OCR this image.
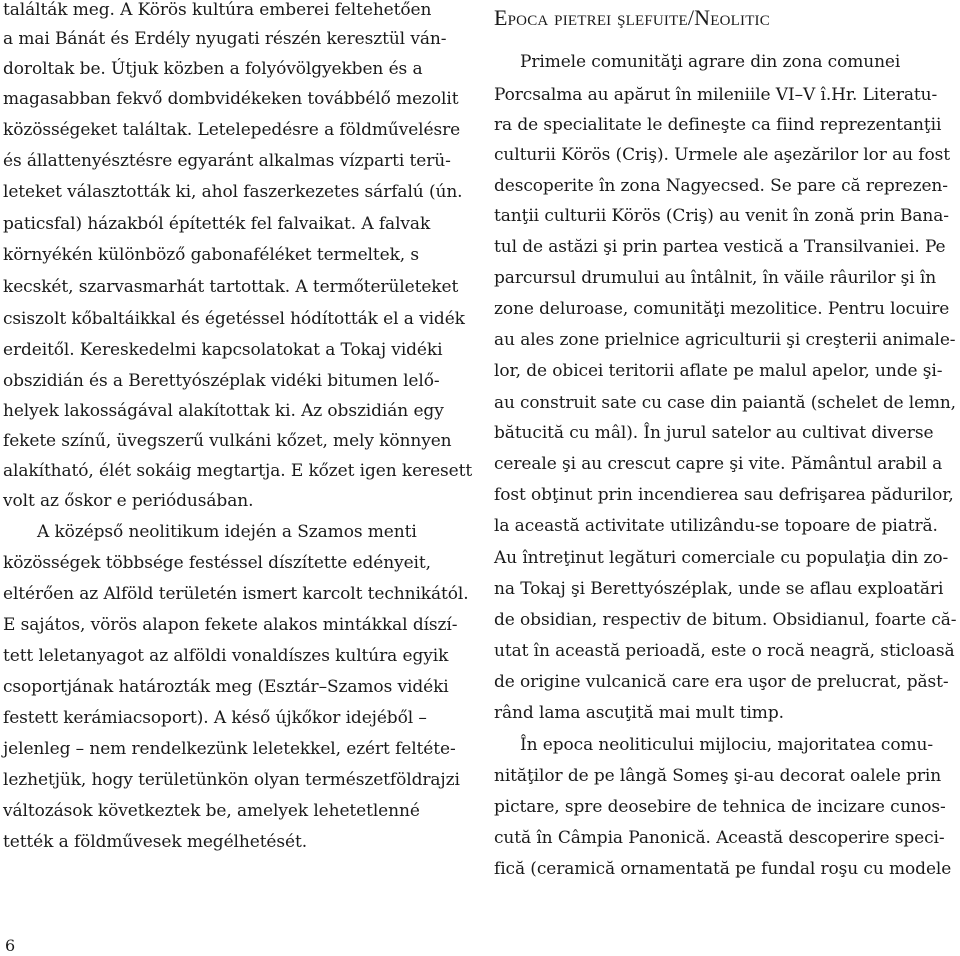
találták meg. A Körös kultúra emberei feltehetően
a mai Bánát és Erdély nyugati részén keresztül ván-
doroltak be. Útjuk közben a folyóvölgyekben és a
magasabban fekvő dombvidékeken továbbélő mezolit
közösségeket találtak. Letelepedésre a földművelésre
és állattenyésztésre egyaránt alkalmas vízparti terü-
leteket választották ki, ahol faszerkezetes sárfalú (ún.
paticsfal) házakból építették fel falvaikat. A falvak
környékén különböző gabonaféléket termeltek, s
kecskét, szarvasmarhát tartottak. A termőterületeket
csiszolt kőbaltáikkal és égetéssel hódították el a vidék
erdeitől. Kereskedelmi kapcsolatokat a Tokaj vidéki
obszidián és a Berettyószéplak vidéki bitumen lelő-
helyek lakosságával alakítottak ki. Az obszidián egy
fekete színű, üvegszerű vulkáni kőzet, mely könnyen
alakítható, élét sokáig megtartja. E kőzet igen keresett
volt az őskor e periódusában.
A középső neolitikum idején a Szamos menti
közösségek többsége festéssel díszítette edényeit,
eltérően az Alföld területén ismert karcolt technikától.
E sajátos, vörös alapon fekete alakos mintákkal díszí-
tett leletanyagot az alföldi vonaldíszes kultúra egyik
csoportjának határozták meg (Esztár–Szamos vidéki
festett kerámiacsoport). A késő újkőkor idejéből –
jelenleg – nem rendelkezünk leletekkel, ezért feltéte-
lezhetjük, hogy területünkön olyan természetföldrajzi
változások következtek be, amelyek lehetetlenné
tették a földművesek megélhetését.
Epoca pietrei şlefuite/Neolitic
Primele comunităţi agrare din zona comunei
Porcsalma au apărut în mileniile VI–V î.Hr. Literatu-
ra de specialitate le defineşte ca fiind reprezentanţii
culturii Körös (Criş). Urmele ale aşezărilor lor au fost
descoperite în zona Nagyecsed. Se pare că reprezen-
tanţii culturii Körös (Criş) au venit în zonă prin Bana-
tul de astăzi şi prin partea vestică a Transilvaniei. Pe
parcursul drumului au întâlnit, în văile râurilor şi în
zone deluroase, comunităţi mezolitice. Pentru locuire
au ales zone prielnice agriculturii şi creşterii animale-
lor, de obicei teritorii aflate pe malul apelor, unde şi-
au construit sate cu case din paiantă (schelet de lemn,
bătucită cu mâl). În jurul satelor au cultivat diverse
cereale şi au crescut capre şi vite. Pământul arabil a
fost obţinut prin incendierea sau defrişarea pădurilor,
la această activitate utilizându-se topoare de piatră.
Au întreţinut legături comerciale cu populaţia din zo-
na Tokaj şi Berettyószéplak, unde se aflau exploatări
de obsidian, respectiv de bitum. Obsidianul, foarte că-
utat în această perioadă, este o rocă neagră, sticloasă
de origine vulcanică care era uşor de prelucrat, păst-
rând lama ascuţită mai mult timp.
În epoca neoliticului mijlociu, majoritatea comu-
nităţilor de pe lângă Someş şi-au decorat oalele prin
pictare, spre deosebire de tehnica de incizare cunos-
cută în Câmpia Panonică. Această descoperire speci-
fică (ceramică ornamentată pe fundal roşu cu modele
6
